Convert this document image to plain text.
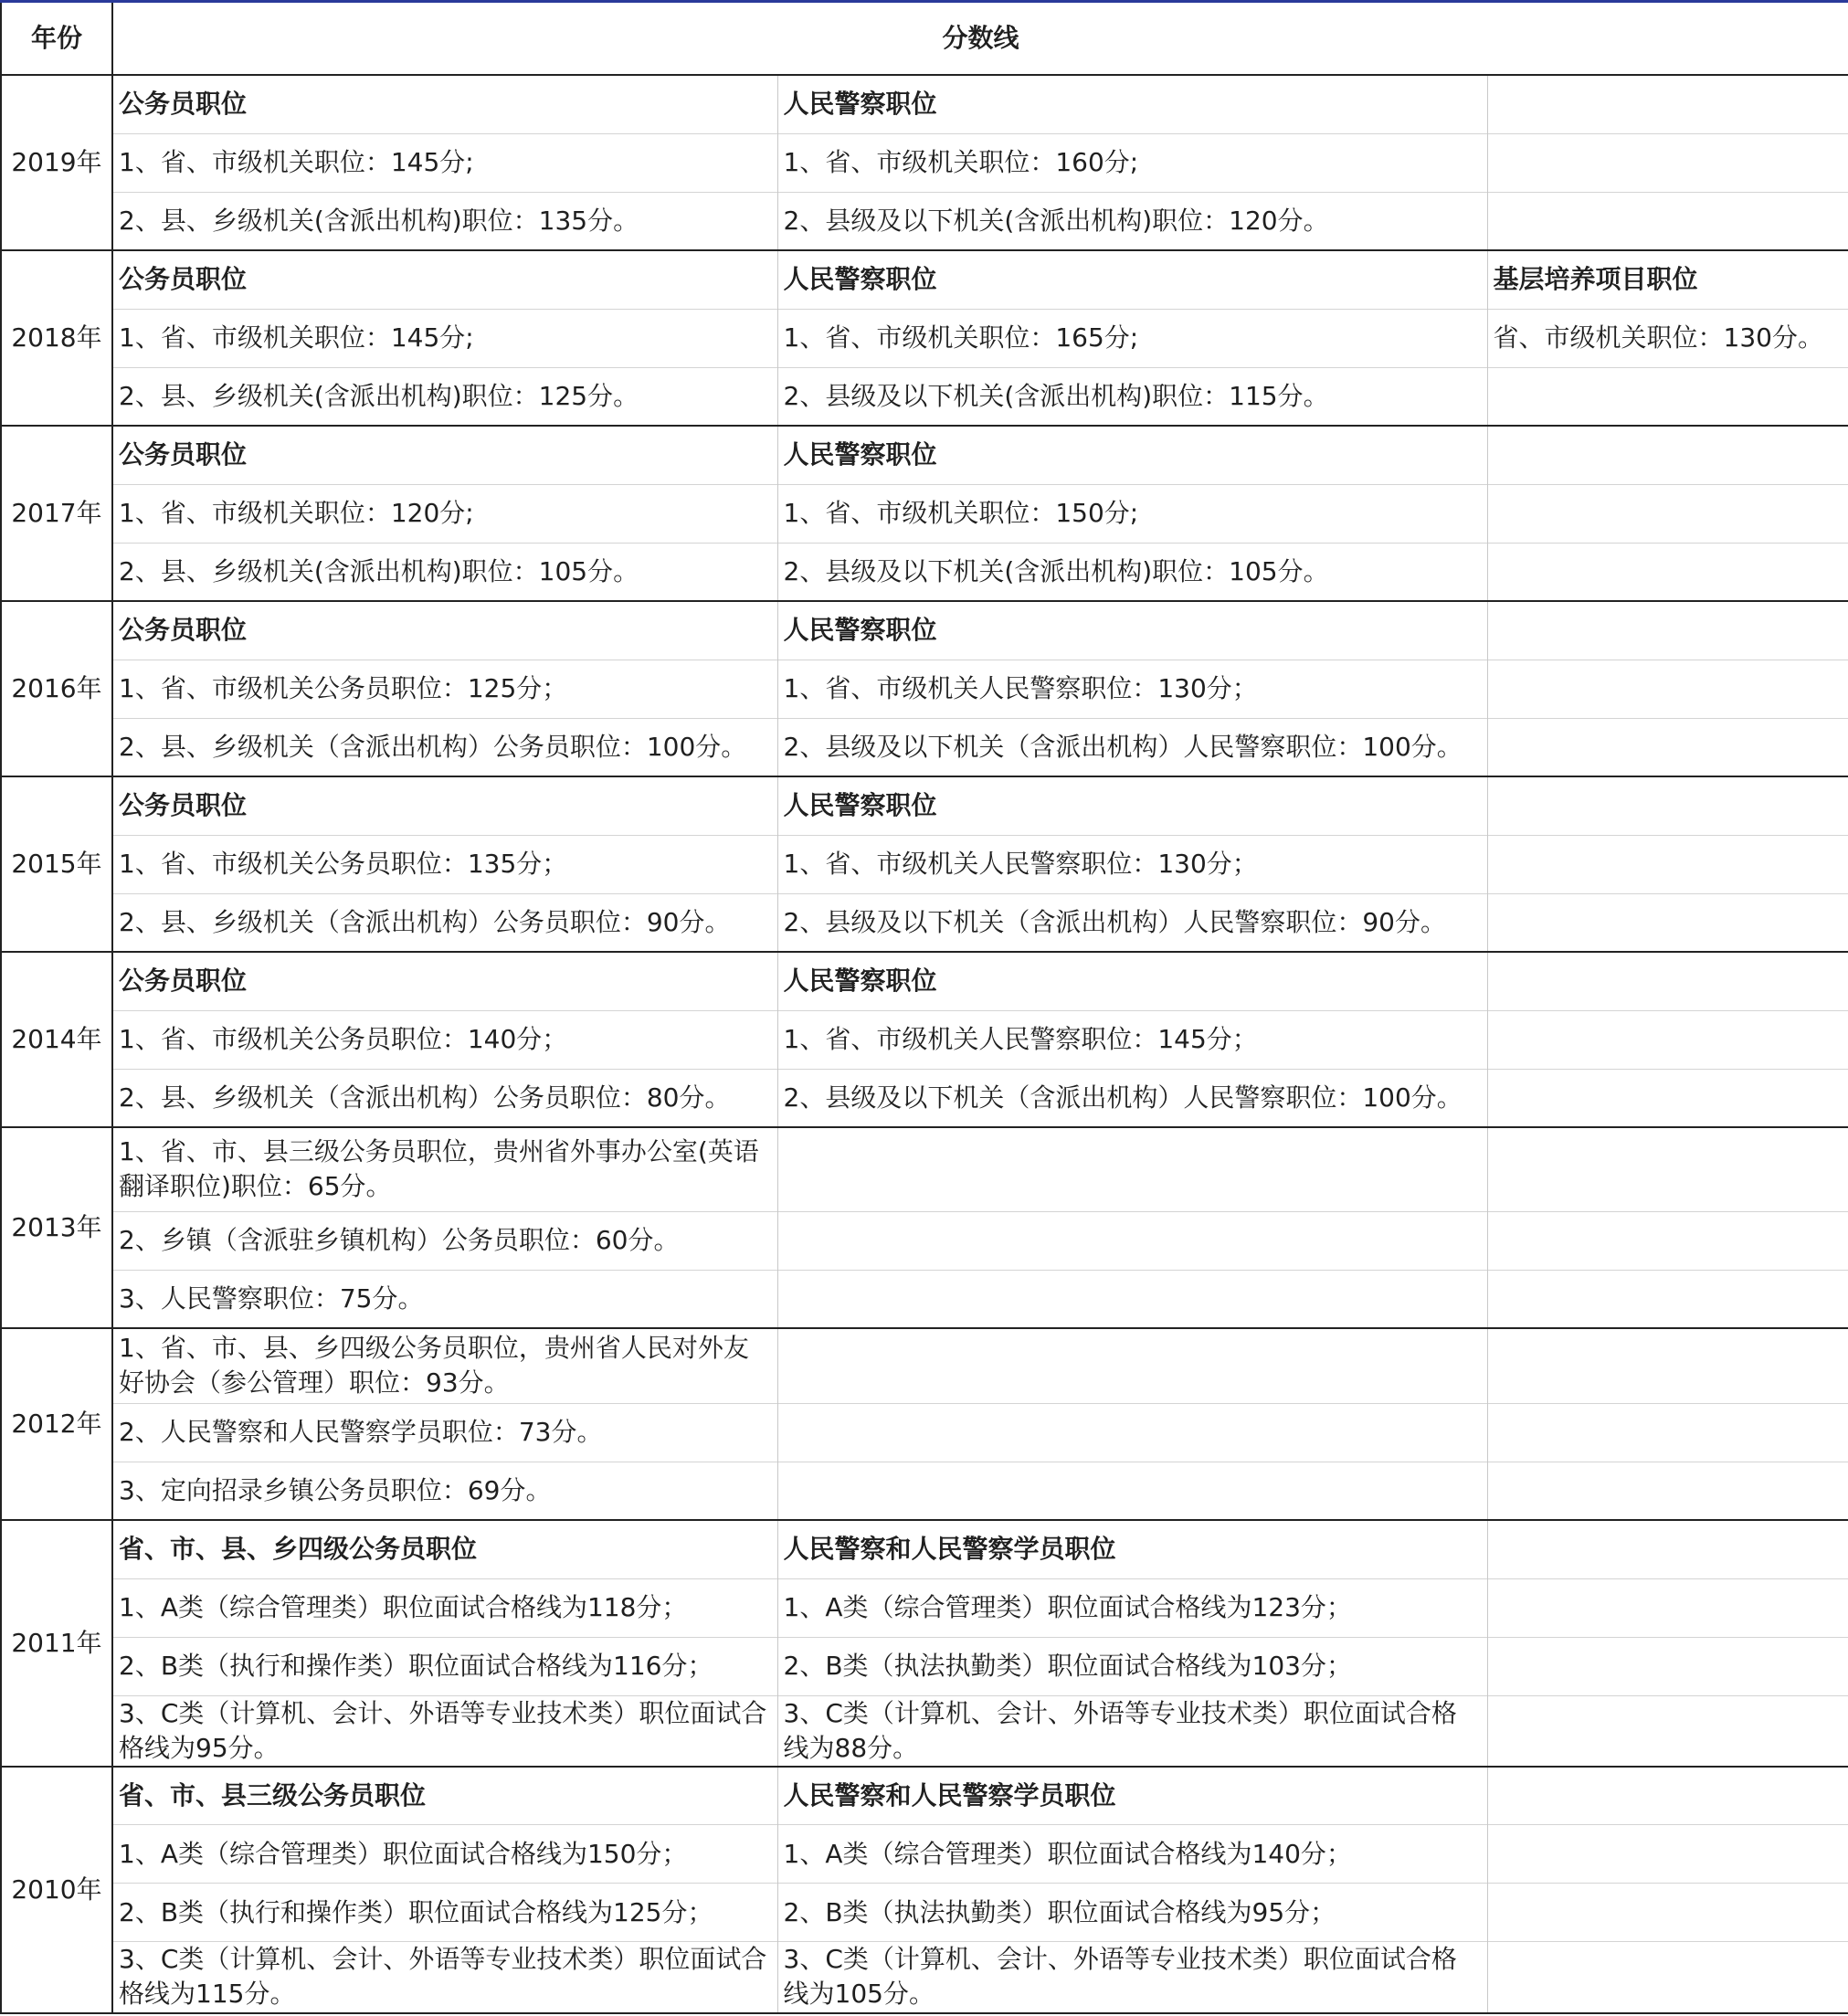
年份	分数线		
2019年	公务员职位	人民警察职位	
	1、省、市级机关职位：145分;	1、省、市级机关职位：160分;	
	2、县、乡级机关(含派出机构)职位：135分。	2、县级及以下机关(含派出机构)职位：120分。	
2018年	公务员职位	人民警察职位	基层培养项目职位
	1、省、市级机关职位：145分;	1、省、市级机关职位：165分;	省、市级机关职位：130分。
	2、县、乡级机关(含派出机构)职位：125分。	2、县级及以下机关(含派出机构)职位：115分。	
2017年	公务员职位	人民警察职位	
	1、省、市级机关职位：120分;	1、省、市级机关职位：150分;	
	2、县、乡级机关(含派出机构)职位：105分。	2、县级及以下机关(含派出机构)职位：105分。	
2016年	公务员职位	人民警察职位	
	1、省、市级机关公务员职位：125分；	1、省、市级机关人民警察职位：130分；	
	2、县、乡级机关（含派出机构）公务员职位：100分。	2、县级及以下机关（含派出机构）人民警察职位：100分。	
2015年	公务员职位	人民警察职位	
	1、省、市级机关公务员职位：135分；	1、省、市级机关人民警察职位：130分；	
	2、县、乡级机关（含派出机构）公务员职位：90分。	2、县级及以下机关（含派出机构）人民警察职位：90分。	
2014年	公务员职位	人民警察职位	
	1、省、市级机关公务员职位：140分；	1、省、市级机关人民警察职位：145分；	
	2、县、乡级机关（含派出机构）公务员职位：80分。	2、县级及以下机关（含派出机构）人民警察职位：100分。	
2013年	1、省、市、县三级公务员职位，贵州省外事办公室(英语翻译职位)职位：65分。		
	2、乡镇（含派驻乡镇机构）公务员职位：60分。		
	3、人民警察职位：75分。		
2012年	1、省、市、县、乡四级公务员职位，贵州省人民对外友好协会（参公管理）职位：93分。		
	2、人民警察和人民警察学员职位：73分。		
	3、定向招录乡镇公务员职位：69分。		
2011年	省、市、县、乡四级公务员职位	人民警察和人民警察学员职位	
	1、A类（综合管理类）职位面试合格线为118分；	1、A类（综合管理类）职位面试合格线为123分；	
	2、B类（执行和操作类）职位面试合格线为116分；	2、B类（执法执勤类）职位面试合格线为103分；	
	3、C类（计算机、会计、外语等专业技术类）职位面试合格线为95分。	3、C类（计算机、会计、外语等专业技术类）职位面试合格线为88分。	
2010年	省、市、县三级公务员职位	人民警察和人民警察学员职位	
	1、A类（综合管理类）职位面试合格线为150分；	1、A类（综合管理类）职位面试合格线为140分；	
	2、B类（执行和操作类）职位面试合格线为125分；	2、B类（执法执勤类）职位面试合格线为95分；	
	3、C类（计算机、会计、外语等专业技术类）职位面试合格线为115分。	3、C类（计算机、会计、外语等专业技术类）职位面试合格线为105分。	
